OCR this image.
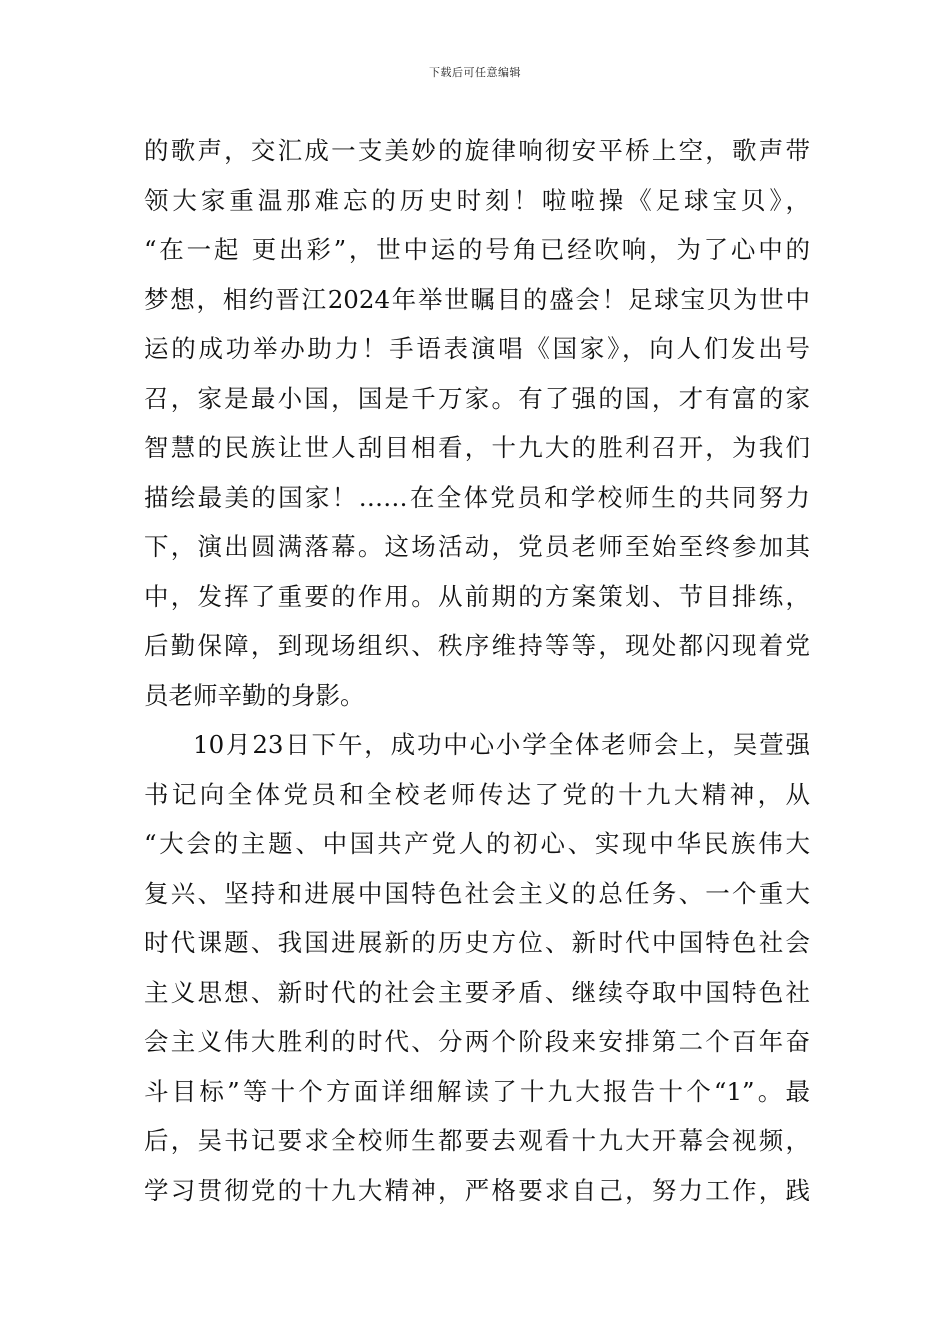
下载后可任意编辑
的歌声，交汇成一支美妙的旋律响彻安平桥上空，歌声带
领大家重温那难忘的历史时刻！啦啦操《足球宝贝》，
“在一起 更出彩”，世中运的号角已经吹响，为了心中的
梦想，相约晋江2024年举世瞩目的盛会！足球宝贝为世中
运的成功举办助力！手语表演唱《国家》，向人们发出号
召，家是最小国，国是千万家。有了强的国，才有富的家
智慧的民族让世人刮目相看，十九大的胜利召开，为我们
描绘最美的国家！……在全体党员和学校师生的共同努力
下，演出圆满落幕。这场活动，党员老师至始至终参加其
中，发挥了重要的作用。从前期的方案策划、节目排练，
后勤保障，到现场组织、秩序维持等等，现处都闪现着党
员老师辛勤的身影。
10月23日下午，成功中心小学全体老师会上，吴萱强
书记向全体党员和全校老师传达了党的十九大精神，从
“大会的主题、中国共产党人的初心、实现中华民族伟大
复兴、坚持和进展中国特色社会主义的总任务、一个重大
时代课题、我国进展新的历史方位、新时代中国特色社会
主义思想、新时代的社会主要矛盾、继续夺取中国特色社
会主义伟大胜利的时代、分两个阶段来安排第二个百年奋
斗目标”等十个方面详细解读了十九大报告十个“1”。最
后，吴书记要求全校师生都要去观看十九大开幕会视频，
学习贯彻党的十九大精神，严格要求自己，努力工作，践
